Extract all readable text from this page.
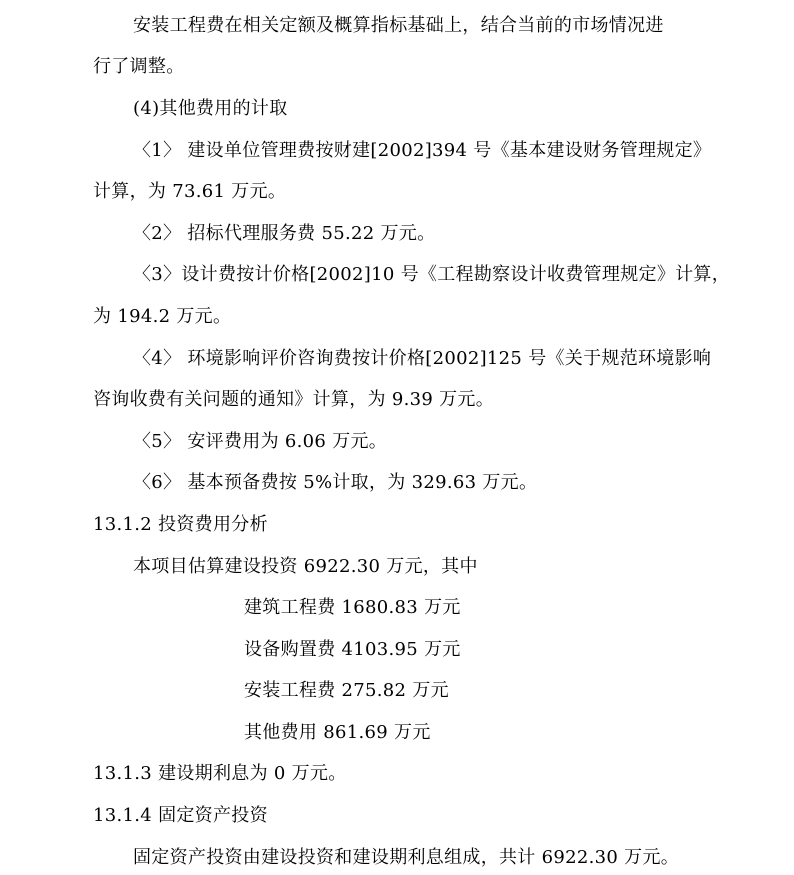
安装工程费在相关定额及概算指标基础上，结合当前的市场情况进
行了调整。
(4)其他费用的计取
〈1〉 建设单位管理费按财建[2002]394 号《基本建设财务管理规定》
计算，为 73.61 万元。
〈2〉 招标代理服务费 55.22 万元。
〈3〉设计费按计价格[2002]10 号《工程勘察设计收费管理规定》计算，
为 194.2 万元。
〈4〉 环境影响评价咨询费按计价格[2002]125 号《关于规范环境影响
咨询收费有关问题的通知》计算，为 9.39 万元。
〈5〉 安评费用为 6.06 万元。
〈6〉 基本预备费按 5%计取，为 329.63 万元。
13.1.2 投资费用分析
本项目估算建设投资 6922.30 万元，其中
建筑工程费 1680.83 万元
设备购置费 4103.95 万元
安装工程费 275.82 万元
其他费用 861.69 万元
13.1.3 建设期利息为 0 万元。
13.1.4 固定资产投资
固定资产投资由建设投资和建设期利息组成，共计 6922.30 万元。
